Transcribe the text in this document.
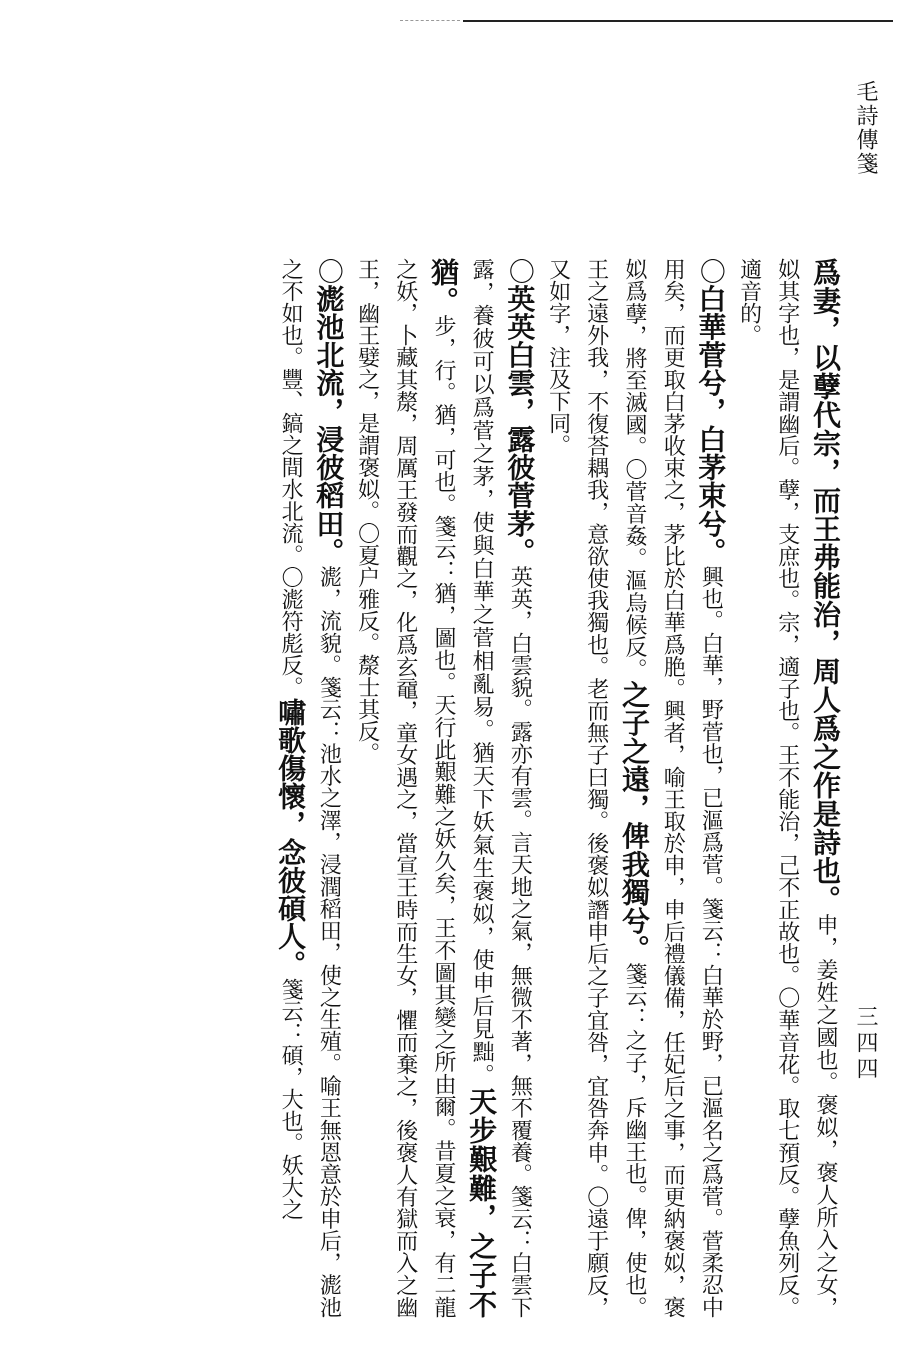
毛詩傳箋
三四四

爲妻，以孽代宗，而王弗能治，周人爲之作是詩也。申，姜姓之國也。褒姒，褒人所入之女，姒其字也，是謂幽后。孽，支庶也。宗，適子也。王不能治，己不正故也。〇華音花。取七預反。孽魚列反。適音的。

〇白華菅兮，白茅束兮。興也。白華，野菅也，已漚爲菅。箋云：白華於野，已漚名之爲菅。菅柔忍中用矣，而更取白茅收束之，茅比於白華爲脃。興者，喻王取於申，申后禮儀備，任妃后之事，而更納褒姒，褒姒爲孽，將至滅國。〇菅音姦。漚烏候反。之子之遠，俾我獨兮。箋云：之子，斥幽王也。俾，使也。王之遠外我，不復荅耦我，意欲使我獨也。老而無子曰獨。後褒姒譖申后之子宜咎，宜咎奔申。〇遠于願反，又如字，注及下同。

〇英英白雲，露彼菅茅。英英，白雲貌。露亦有雲。言天地之氣，無微不著，無不覆養。箋云：白雲下露，養彼可以爲菅之茅，使與白華之菅相亂易。猶天下妖氣生褒姒，使申后見黜。天步艱難，之子不猶。步，行。猶，可也。箋云：猶，圖也。天行此艱難之妖久矣，王不圖其變之所由爾。昔夏之衰，有二龍之妖，卜藏其漦，周厲王發而觀之，化爲玄黿，童女遇之，當宣王時而生女，懼而棄之，後褒人有獄而入之幽王，幽王嬖之，是謂褒姒。〇夏户雅反。漦士其反。

〇滮池北流，浸彼稻田。滮，流貌。箋云：池水之澤，浸潤稻田，使之生殖。喻王無恩意於申后，滮池之不如也。豐、鎬之間水北流。〇滮符彪反。嘯歌傷懷，念彼碩人。箋云：碩，大也。妖大之
